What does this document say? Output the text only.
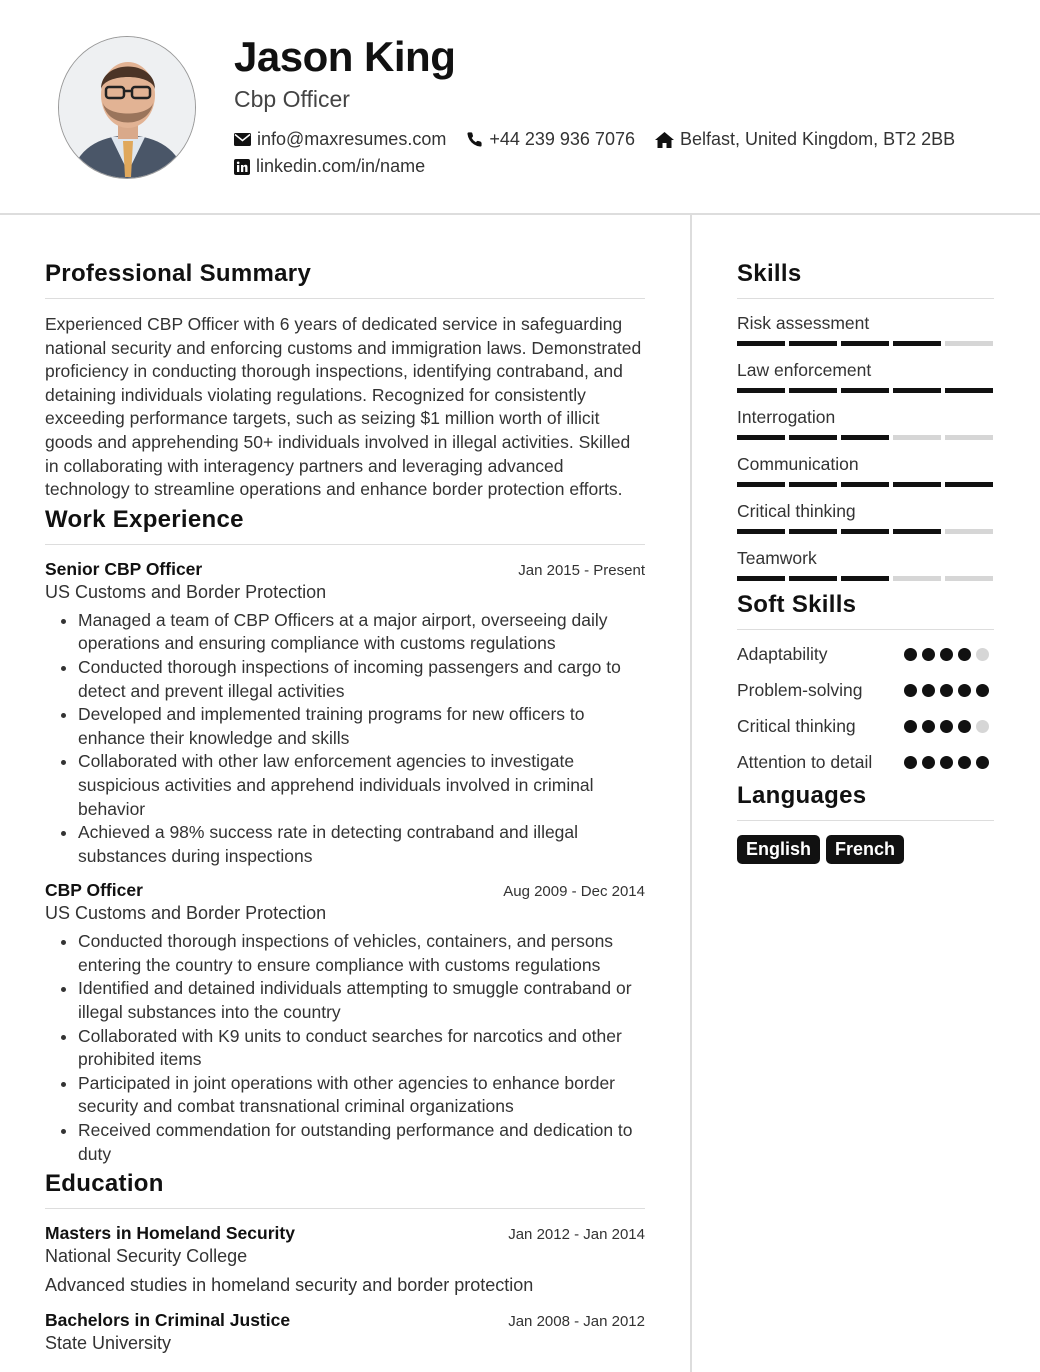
Jason King
Cbp Officer
info@maxresumes.com +44 239 936 7076	Belfast, United Kingdom, BT2 2BB
linkedin.com/in/name
Professional Summary

Experienced CBP Officer with 6 years of dedicated service in safeguarding national security and enforcing customs and immigration laws. Demonstrated proficiency in conducting thorough inspections, identifying contraband, and detaining individuals violating regulations. Recognized for consistently exceeding performance targets, such as seizing $1 million worth of illicit goods and apprehending 50+ individuals involved in illegal activities. Skilled in collaborating with interagency partners and leveraging advanced technology to streamline operations and enhance border protection efforts.

Work Experience
Senior CBP Officer	Jan 2015 - Present
US Customs and Border Protection
• Managed a team of CBP Officers at a major airport, overseeing daily operations and ensuring compliance with customs regulations
• Conducted thorough inspections of incoming passengers and cargo to detect and prevent illegal activities
• Developed and implemented training programs for new officers to enhance their knowledge and skills
• Collaborated with other law enforcement agencies to investigate suspicious activities and apprehend individuals involved in criminal behavior
• Achieved a 98% success rate in detecting contraband and illegal substances during inspections
CBP Officer	Aug 2009 - Dec 2014
US Customs and Border Protection
• Conducted thorough inspections of vehicles, containers, and persons entering the country to ensure compliance with customs regulations
• Identified and detained individuals attempting to smuggle contraband or illegal substances into the country
• Collaborated with K9 units to conduct searches for narcotics and other prohibited items
• Participated in joint operations with other agencies to enhance border security and combat transnational criminal organizations
• Received commendation for outstanding performance and dedication to duty
Education
Masters in Homeland Security	Jan 2012 - Jan 2014
National Security College
Advanced studies in homeland security and border protection
Bachelors in Criminal Justice	Jan 2008 - Jan 2012
State University
Skills
Risk assessment
Law enforcement
Interrogation
Communication
Critical thinking
Teamwork
Soft Skills
Adaptability
Problem-solving
Critical thinking
Attention to detail
Languages
English	French
